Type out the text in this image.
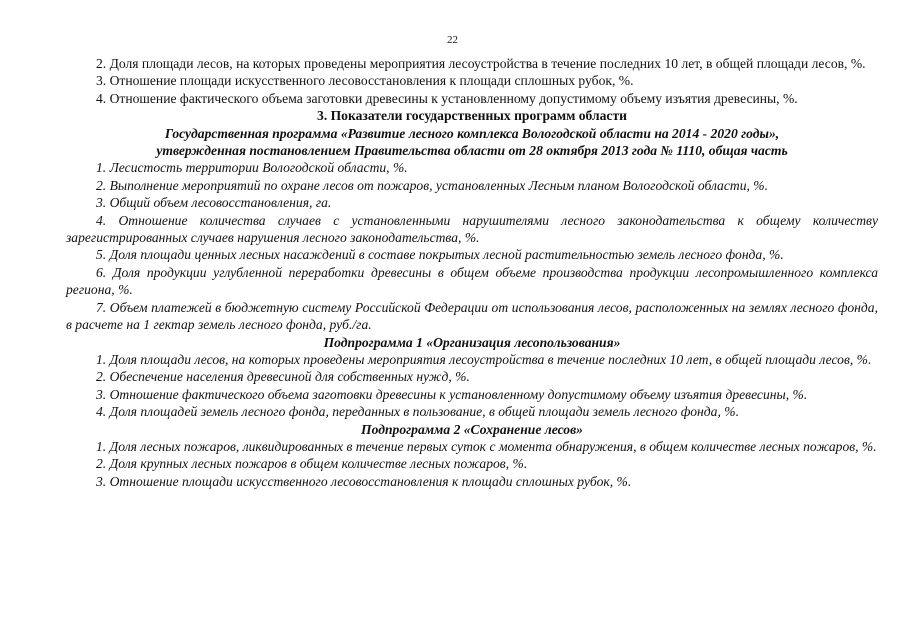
22

2. Доля площади лесов, на которых проведены мероприятия лесоустройства в течение последних 10 лет, в общей площади лесов, %.

3. Отношение площади искусственного лесовосстановления к площади сплошных рубок, %.

4. Отношение фактического объема заготовки древесины к установленному допустимому объему изъятия древесины, %.

3. Показатели государственных программ области

Государственная программа «Развитие лесного комплекса Вологодской области на 2014 - 2020 годы»,

утвержденная постановлением Правительства области от 28 октября 2013 года № 1110, общая часть

1. Лесистость территории Вологодской области, %.

2. Выполнение мероприятий по охране лесов от пожаров, установленных Лесным планом Вологодской области, %.

3. Общий объем лесовосстановления, га.

4. Отношение количества случаев с установленными нарушителями лесного законодательства к общему количеству зарегистрированных случаев нарушения лесного законодательства, %.

5. Доля площади ценных лесных насаждений в составе покрытых лесной растительностью земель лесного фонда, %.

6. Доля продукции углубленной переработки древесины в общем объеме производства продукции лесопромышленного комплекса региона, %.

7. Объем платежей в бюджетную систему Российской Федерации от использования лесов, расположенных на землях лесного фонда, в расчете на 1 гектар земель лесного фонда, руб./га.

Подпрограмма 1 «Организация лесопользования»

1. Доля площади лесов, на которых проведены мероприятия лесоустройства в течение последних 10 лет, в общей площади лесов, %.

2. Обеспечение населения древесиной для собственных нужд, %.

3. Отношение фактического объема заготовки древесины к установленному допустимому объему изъятия древесины, %.

4. Доля площадей земель лесного фонда, переданных в пользование, в общей площади земель лесного фонда, %.

Подпрограмма 2 «Сохранение лесов»

1. Доля лесных пожаров, ликвидированных в течение первых суток с момента обнаружения, в общем количестве лесных пожаров, %.

2. Доля крупных лесных пожаров в общем количестве лесных пожаров, %.

3. Отношение площади искусственного лесовосстановления к площади сплошных рубок, %.
